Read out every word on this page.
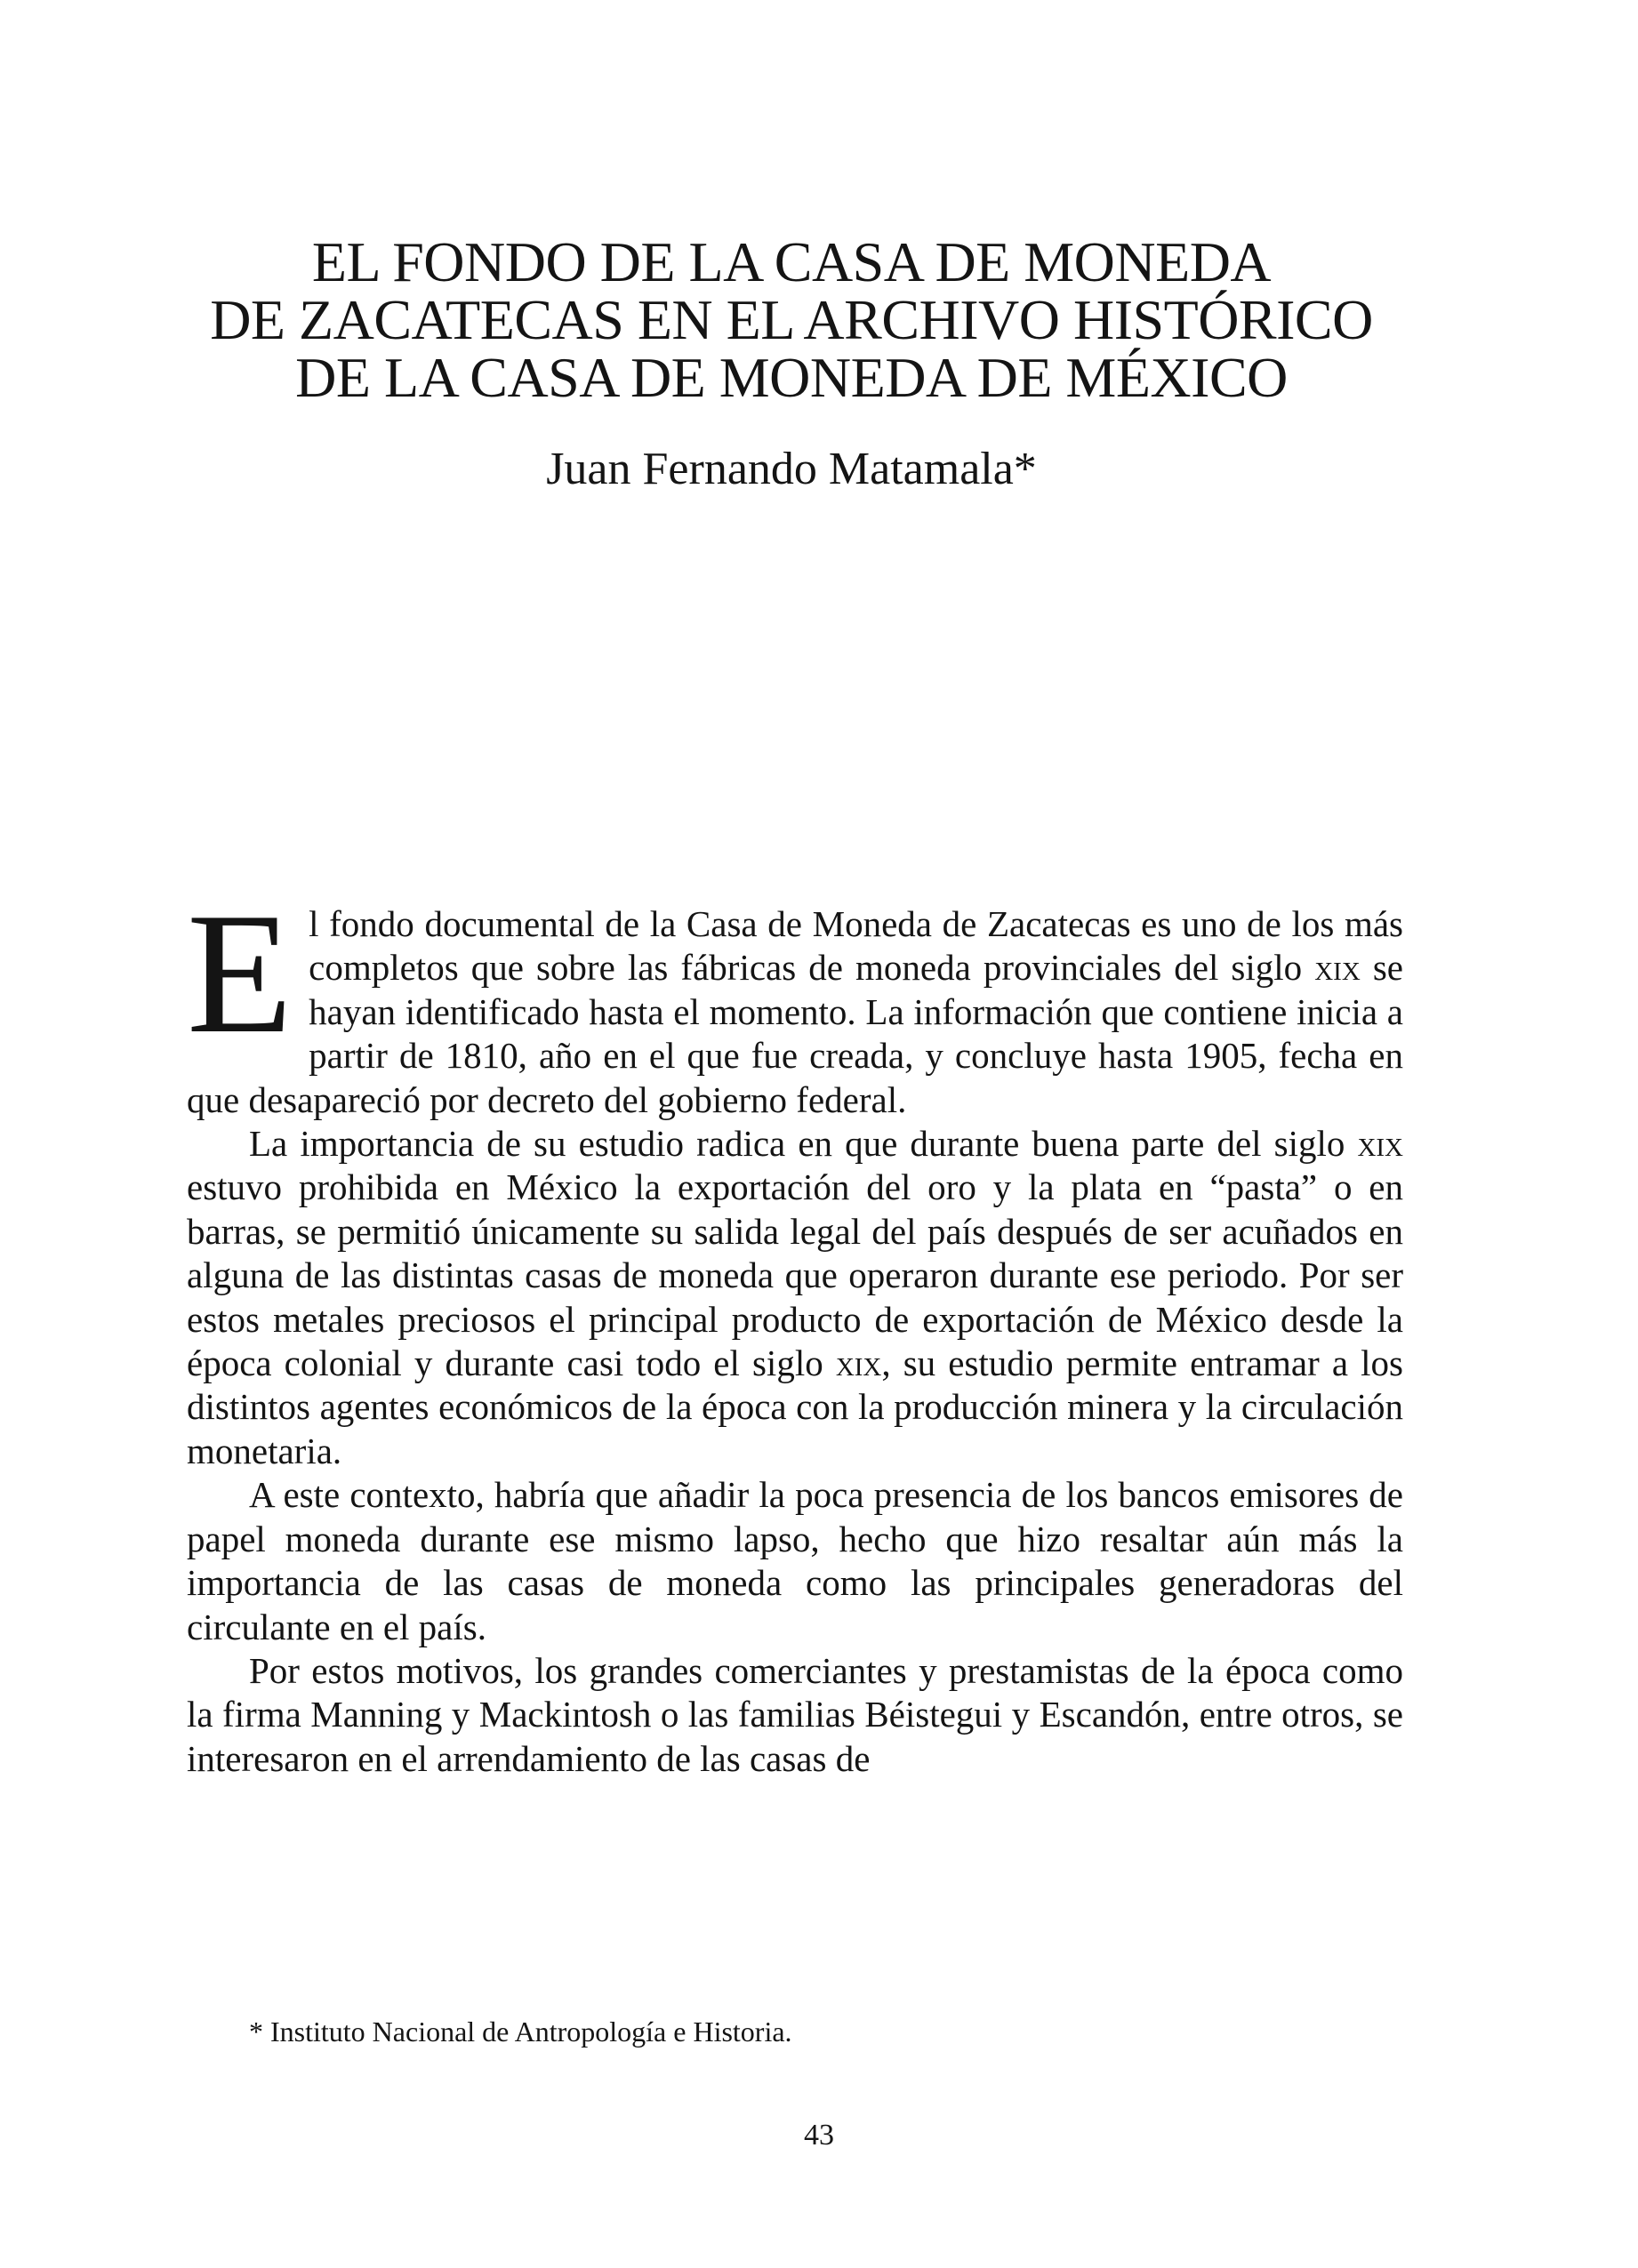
EL FONDO DE LA CASA DE MONEDA
DE ZACATECAS EN EL ARCHIVO HISTÓRICO
DE LA CASA DE MONEDA DE MÉXICO
Juan Fernando Matamala*

El fondo documental de la Casa de Moneda de Zacatecas es uno de los más completos que sobre las fábricas de moneda provinciales del siglo xix se hayan identificado hasta el momento. La información que contiene inicia a partir de 1810, año en el que fue creada, y concluye hasta 1905, fecha en que desapareció por decreto del gobierno federal.

La importancia de su estudio radica en que durante buena parte del siglo xix estuvo prohibida en México la exportación del oro y la plata en “pasta” o en barras, se permitió únicamente su salida legal del país después de ser acuñados en alguna de las distintas casas de moneda que operaron durante ese periodo. Por ser estos metales preciosos el principal producto de exportación de México desde la época colonial y durante casi todo el siglo xix, su estudio permite entramar a los distintos agentes económicos de la época con la producción minera y la circulación monetaria.

A este contexto, habría que añadir la poca presencia de los bancos emisores de papel moneda durante ese mismo lapso, hecho que hizo resaltar aún más la importancia de las casas de moneda como las principales generadoras del circulante en el país.

Por estos motivos, los grandes comerciantes y prestamistas de la época como la firma Manning y Mackintosh o las familias Béistegui y Escandón, entre otros, se interesaron en el arrendamiento de las casas de

* Instituto Nacional de Antropología e Historia.
43
